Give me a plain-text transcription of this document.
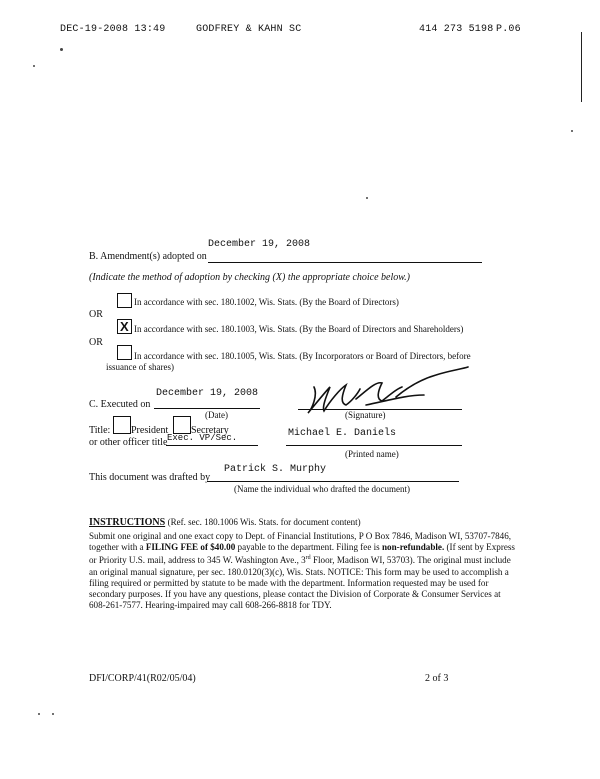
DEC-19-2008 13:49	GODFREY & KAHN SC	414 273 5198 P.06
December 19, 2008
B. Amendment(s) adopted on
(Indicate the method of adoption by checking (X) the appropriate choice below.)
In accordance with sec. 180.1002, Wis. Stats. (By the Board of Directors)
OR
X In accordance with sec. 180.1003, Wis. Stats. (By the Board of Directors and Shareholders)
OR
In accordance with sec. 180.1005, Wis. Stats. (By Incorporators or Board of Directors, before
issuance of shares)
December 19, 2008
C. Executed on
(Date)	(Signature)
Title: President Secretary
or other officer title Exec. VP/Sec.	Michael E. Daniels
(Printed name)
Patrick S. Murphy
This document was drafted by
(Name the individual who drafted the document)
INSTRUCTIONS (Ref. sec. 180.1006 Wis. Stats. for document content)
Submit one original and one exact copy to Dept. of Financial Institutions, P O Box 7846, Madison WI, 53707-7846, together with a FILING FEE of $40.00 payable to the department. Filing fee is non-refundable. (If sent by Express or Priority U.S. mail, address to 345 W. Washington Ave., 3rd Floor, Madison WI, 53703). The original must include an original manual signature, per sec. 180.0120(3)(c), Wis. Stats. NOTICE: This form may be used to accomplish a filing required or permitted by statute to be made with the department. Information requested may be used for secondary purposes. If you have any questions, please contact the Division of Corporate & Consumer Services at 608-261-7577. Hearing-impaired may call 608-266-8818 for TDY.
DFI/CORP/41(R02/05/04)	2 of 3
